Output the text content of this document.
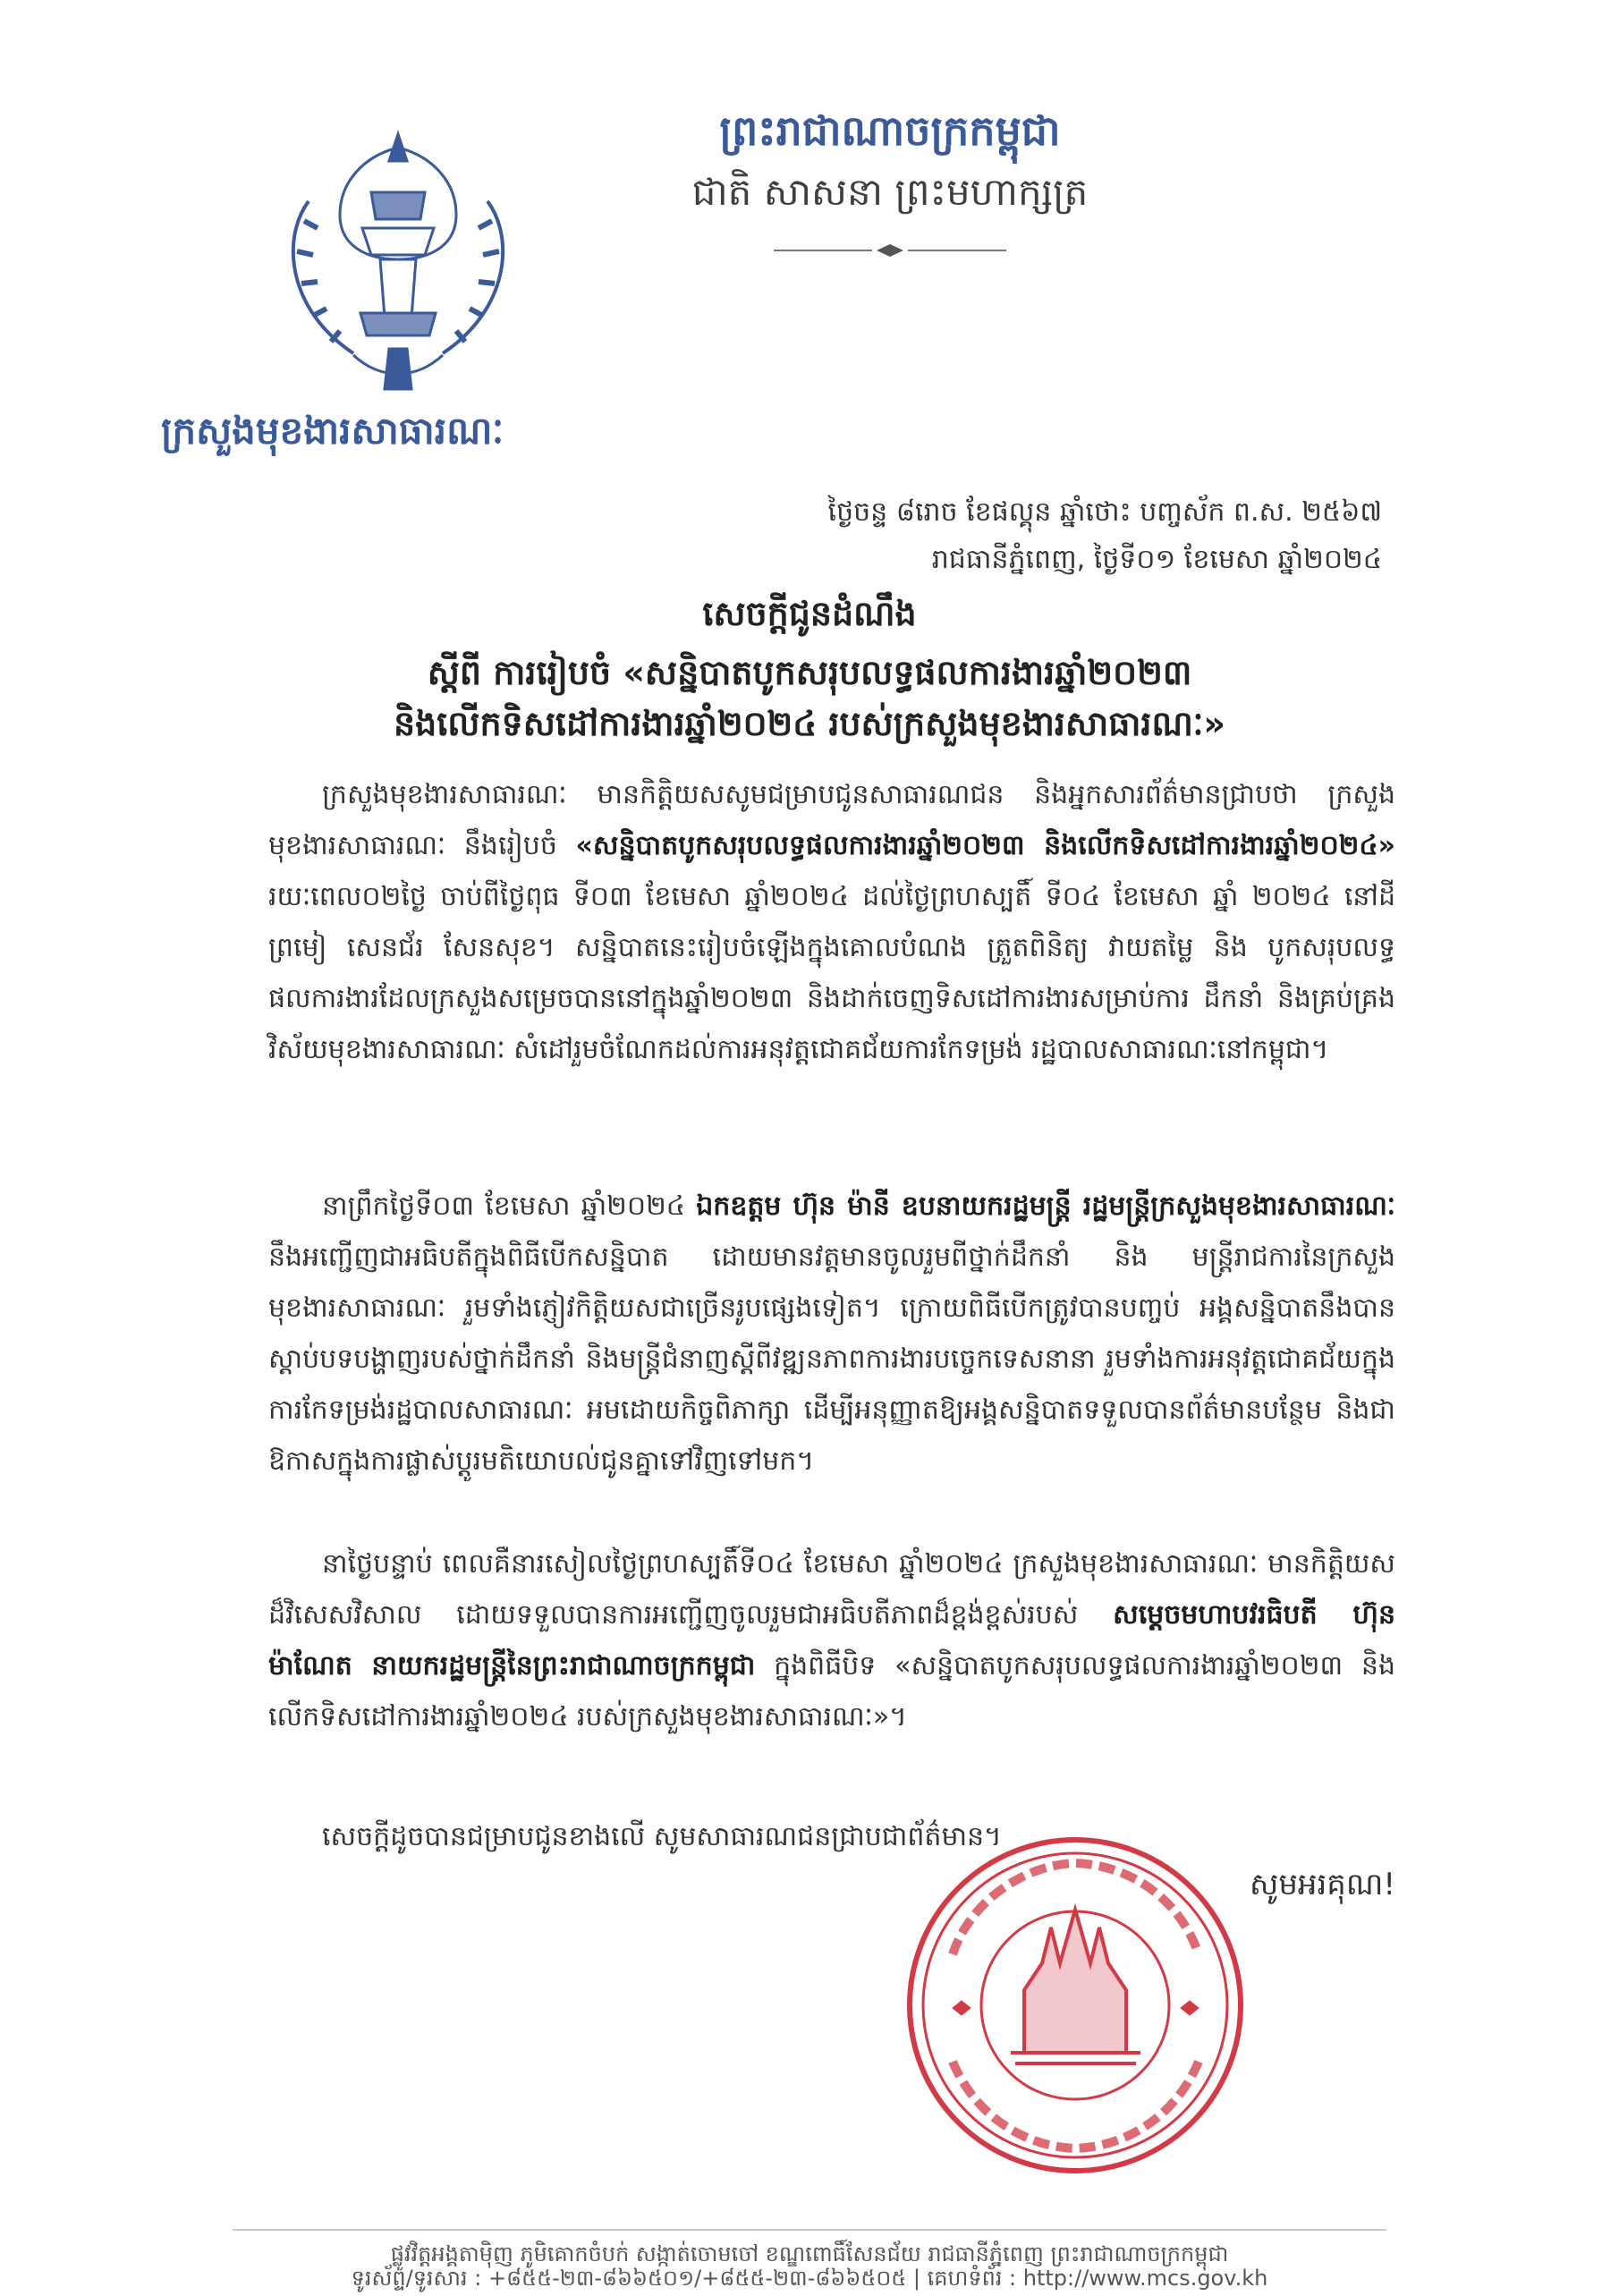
ព្រះរាជាណាចក្រកម្ពុជា
ជាតិ សាសនា ព្រះមហាក្សត្រ
ក្រសួងមុខងារសាធារណៈ
ថ្ងៃចន្ទ ៨រោច ខែផល្គុន ឆ្នាំថោះ បញ្ចស័ក ព.ស. ២៥៦៧
រាជធានីភ្នំពេញ, ថ្ងៃទី០១ ខែមេសា ឆ្នាំ២០២៤
សេចក្តីជូនដំណឹង
ស្តីពី ការរៀបចំ «សន្និបាតបូកសរុបលទ្ធផលការងារឆ្នាំ២០២៣
និងលើកទិសដៅការងារឆ្នាំ២០២៤ របស់ក្រសួងមុខងារសាធារណៈ»
ក្រសួងមុខងារសាធារណៈ មានកិត្តិយសសូមជម្រាបជូនសាធារណជន និងអ្នកសារព័ត៌មានជ្រាបថា ក្រសួងមុខងារសាធារណៈ នឹងរៀបចំ «សន្និបាតបូកសរុបលទ្ធផលការងារឆ្នាំ២០២៣ និងលើកទិសដៅការងារឆ្នាំ២០២៤» រយៈពេល០២ថ្ងៃ ចាប់ពីថ្ងៃពុធ ទី០៣ ខែមេសា ឆ្នាំ២០២៤ ដល់ថ្ងៃព្រហស្បតិ៍ ទី០៤ ខែមេសា ឆ្នាំ ២០២៤ នៅដីព្រមៀ សេនជ័រ សែនសុខ។ សន្និបាតនេះរៀបចំឡើងក្នុងគោលបំណង ត្រួតពិនិត្យ វាយតម្លៃ និង បូកសរុបលទ្ធផលការងារដែលក្រសួងសម្រេចបាននៅក្នុងឆ្នាំ២០២៣ និងដាក់ចេញទិសដៅការងារសម្រាប់ការ ដឹកនាំ និងគ្រប់គ្រងវិស័យមុខងារសាធារណៈ សំដៅរួមចំណែកដល់ការអនុវត្តជោគជ័យការកែទម្រង់ រដ្ឋបាលសាធារណៈនៅកម្ពុជា។
នាព្រឹកថ្ងៃទី០៣ ខែមេសា ឆ្នាំ២០២៤ ឯកឧត្តម ហ៊ុន ម៉ានី ឧបនាយករដ្ឋមន្ត្រី រដ្ឋមន្ត្រីក្រសួងមុខងារសាធារណៈ នឹងអញ្ជើញជាអធិបតីក្នុងពិធីបើកសន្និបាត ដោយមានវត្តមានចូលរួមពីថ្នាក់ដឹកនាំ និង មន្ត្រីរាជការនៃក្រសួងមុខងារសាធារណៈ រួមទាំងភ្ញៀវកិត្តិយសជាច្រើនរូបផ្សេងទៀត។ ក្រោយពិធីបើកត្រូវបានបញ្ចប់ អង្គសន្និបាតនឹងបានស្តាប់បទបង្ហាញរបស់ថ្នាក់ដឹកនាំ និងមន្ត្រីជំនាញស្តីពីវឌ្ឍនភាពការងារបច្ចេកទេសនានា រួមទាំងការអនុវត្តជោគជ័យក្នុងការកែទម្រង់រដ្ឋបាលសាធារណៈ អមដោយកិច្ចពិភាក្សា ដើម្បីអនុញ្ញាតឱ្យអង្គសន្និបាតទទួលបានព័ត៌មានបន្ថែម និងជាឱកាសក្នុងការផ្លាស់ប្តូរមតិយោបល់ជូនគ្នាទៅវិញទៅមក។
នាថ្ងៃបន្ទាប់ ពេលគឺនារសៀលថ្ងៃព្រហស្បតិ៍ទី០៤ ខែមេសា ឆ្នាំ២០២៤ ក្រសួងមុខងារសាធារណៈ មានកិត្តិយសដ៏វិសេសវិសាល ដោយទទួលបានការអញ្ជើញចូលរួមជាអធិបតីភាពដ៏ខ្ពង់ខ្ពស់របស់ សម្តេចមហាបវរធិបតី ហ៊ុន ម៉ាណែត នាយករដ្ឋមន្ត្រីនៃព្រះរាជាណាចក្រកម្ពុជា ក្នុងពិធីបិទ «សន្និបាតបូកសរុបលទ្ធផលការងារឆ្នាំ២០២៣ និងលើកទិសដៅការងារឆ្នាំ២០២៤ របស់ក្រសួងមុខងារសាធារណៈ»។
សេចក្តីដូចបានជម្រាបជូនខាងលើ សូមសាធារណជនជ្រាបជាព័ត៌មាន។
សូមអរគុណ!
ផ្លូវវិត្តអង្គតាម៉ិញ ភូមិគោកចំបក់ សង្កាត់ចោមចៅ ខណ្ឌពោធិ៍សែនជ័យ រាជធានីភ្នំពេញ ព្រះរាជាណាចក្រកម្ពុជា
ទូរស័ព្ទ/ទូរសារ : +៨៥៥-២៣-៨៦៦៥០១/+៨៥៥-២៣-៨៦៦៥០៥ | គេហទំព័រ : http://www.mcs.gov.kh
